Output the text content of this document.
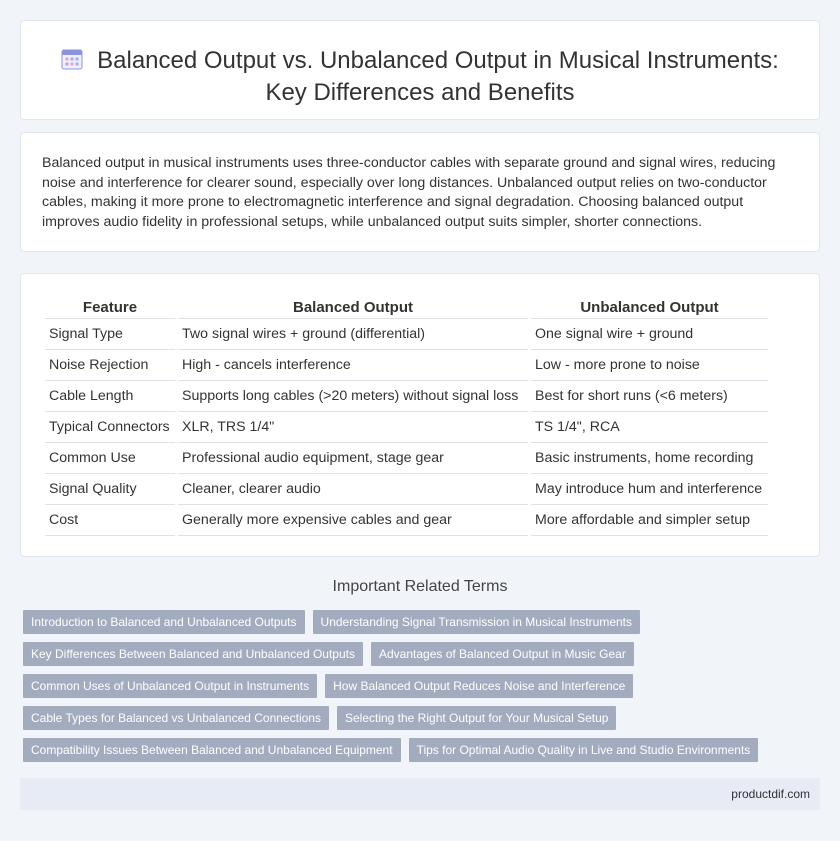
Balanced Output vs. Unbalanced Output in Musical Instruments:
Key Differences and Benefits

Balanced output in musical instruments uses three-conductor cables with separate ground and signal wires, reducing noise and interference for clearer sound, especially over long distances. Unbalanced output relies on two-conductor cables, making it more prone to electromagnetic interference and signal degradation. Choosing balanced output improves audio fidelity in professional setups, while unbalanced output suits simpler, shorter connections.

Feature	Balanced Output	Unbalanced Output
Signal Type	Two signal wires + ground (differential)	One signal wire + ground
Noise Rejection	High - cancels interference	Low - more prone to noise
Cable Length	Supports long cables (>20 meters) without signal loss	Best for short runs (<6 meters)
Typical Connectors	XLR, TRS 1/4"	TS 1/4", RCA
Common Use	Professional audio equipment, stage gear	Basic instruments, home recording
Signal Quality	Cleaner, clearer audio	May introduce hum and interference
Cost	Generally more expensive cables and gear	More affordable and simpler setup
Important Related Terms
Introduction to Balanced and Unbalanced Outputs	Understanding Signal Transmission in Musical Instruments
Key Differences Between Balanced and Unbalanced Outputs	Advantages of Balanced Output in Music Gear
Common Uses of Unbalanced Output in Instruments	How Balanced Output Reduces Noise and Interference
Cable Types for Balanced vs Unbalanced Connections	Selecting the Right Output for Your Musical Setup
Compatibility Issues Between Balanced and Unbalanced Equipment	Tips for Optimal Audio Quality in Live and Studio Environments
productdif.com
